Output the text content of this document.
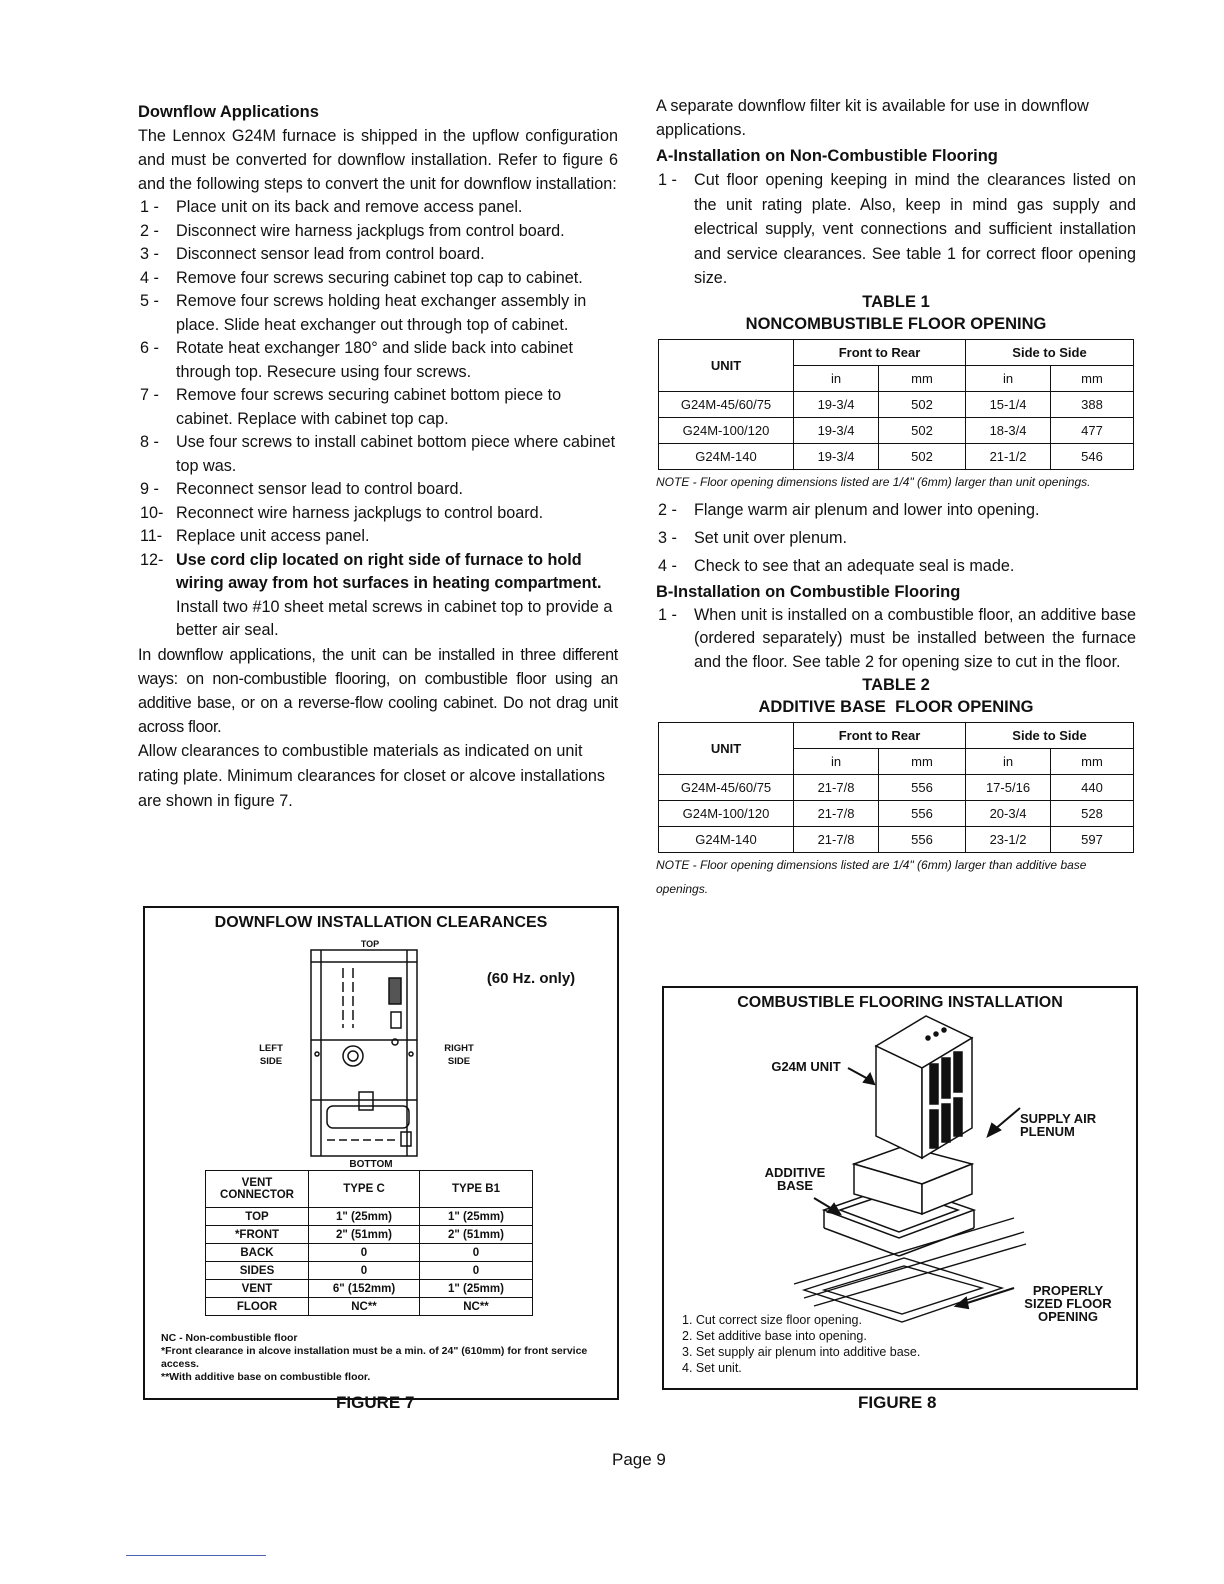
Downflow Applications

The Lennox G24M furnace is shipped in the upflow configuration and must be converted for downflow installation. Refer to figure 6 and the following steps to convert the unit for downflow installation:

1 - Place unit on its back and remove access panel.
2 - Disconnect wire harness jackplugs from control board.
3 - Disconnect sensor lead from control board.
4 - Remove four screws securing cabinet top cap to cabinet.
5 - Remove four screws holding heat exchanger assembly in place. Slide heat exchanger out through top of cabinet.
6 - Rotate heat exchanger 180° and slide back into cabinet through top. Resecure using four screws.
7 - Remove four screws securing cabinet bottom piece to cabinet. Replace with cabinet top cap.
8 - Use four screws to install cabinet bottom piece where cabinet top was.
9 - Reconnect sensor lead to control board.
10- Reconnect wire harness jackplugs to control board.
11- Replace unit access panel.
12- Use cord clip located on right side of furnace to hold wiring away from hot surfaces in heating compartment. Install two #10 sheet metal screws in cabinet top to provide a better air seal.

In downflow applications, the unit can be installed in three different ways: on non-combustible flooring, on combustible floor using an additive base, or on a reverse-flow cooling cabinet. Do not drag unit across floor.

Allow clearances to combustible materials as indicated on unit rating plate. Minimum clearances for closet or alcove installations are shown in figure 7.

DOWNFLOW INSTALLATION CLEARANCES
TOP
LEFT SIDE
RIGHT SIDE
(60 Hz. only)
BOTTOM
VENT CONNECTOR	TYPE C	TYPE B1
TOP	1" (25mm)	1" (25mm)
*FRONT	2" (51mm)	2" (51mm)
BACK	0	0
SIDES	0	0
VENT	6" (152mm)	1" (25mm)
FLOOR	NC**	NC**
NC - Non-combustible floor
*Front clearance in alcove installation must be a min. of 24" (610mm) for front service access.
**With additive base on combustible floor.
FIGURE 7

A separate downflow filter kit is available for use in downflow applications.

A-Installation on Non-Combustible Flooring

1 - Cut floor opening keeping in mind the clearances listed on the unit rating plate. Also, keep in mind gas supply and electrical supply, vent connections and sufficient installation and service clearances. See table 1 for correct floor opening size.

TABLE 1

NONCOMBUSTIBLE FLOOR OPENING

UNIT	Front to Rear		Side to Side	
	in	mm	in	mm
G24M-45/60/75	19-3/4	502	15-1/4	388
G24M-100/120	19-3/4	502	18-3/4	477
G24M-140	19-3/4	502	21-1/2	546

NOTE - Floor opening dimensions listed are 1/4" (6mm) larger than unit openings.

2 - Flange warm air plenum and lower into opening.
3 - Set unit over plenum.
4 - Check to see that an adequate seal is made.

B-Installation on Combustible Flooring

1 - When unit is installed on a combustible floor, an additive base (ordered separately) must be installed between the furnace and the floor. See table 2 for opening size to cut in the floor.

TABLE 2

ADDITIVE BASE  FLOOR OPENING

UNIT	Front to Rear		Side to Side	
	in	mm	in	mm
G24M-45/60/75	21-7/8	556	17-5/16	440
G24M-100/120	21-7/8	556	20-3/4	528
G24M-140	21-7/8	556	23-1/2	597

NOTE - Floor opening dimensions listed are 1/4" (6mm) larger than additive base openings.

COMBUSTIBLE FLOORING INSTALLATION
G24M UNIT
SUPPLY AIR PLENUM
ADDITIVE BASE
PROPERLY SIZED FLOOR OPENING
1. Cut correct size floor opening.
2. Set additive base into opening.
3. Set supply air plenum into additive base.
4. Set unit.
FIGURE 8
Page 9
